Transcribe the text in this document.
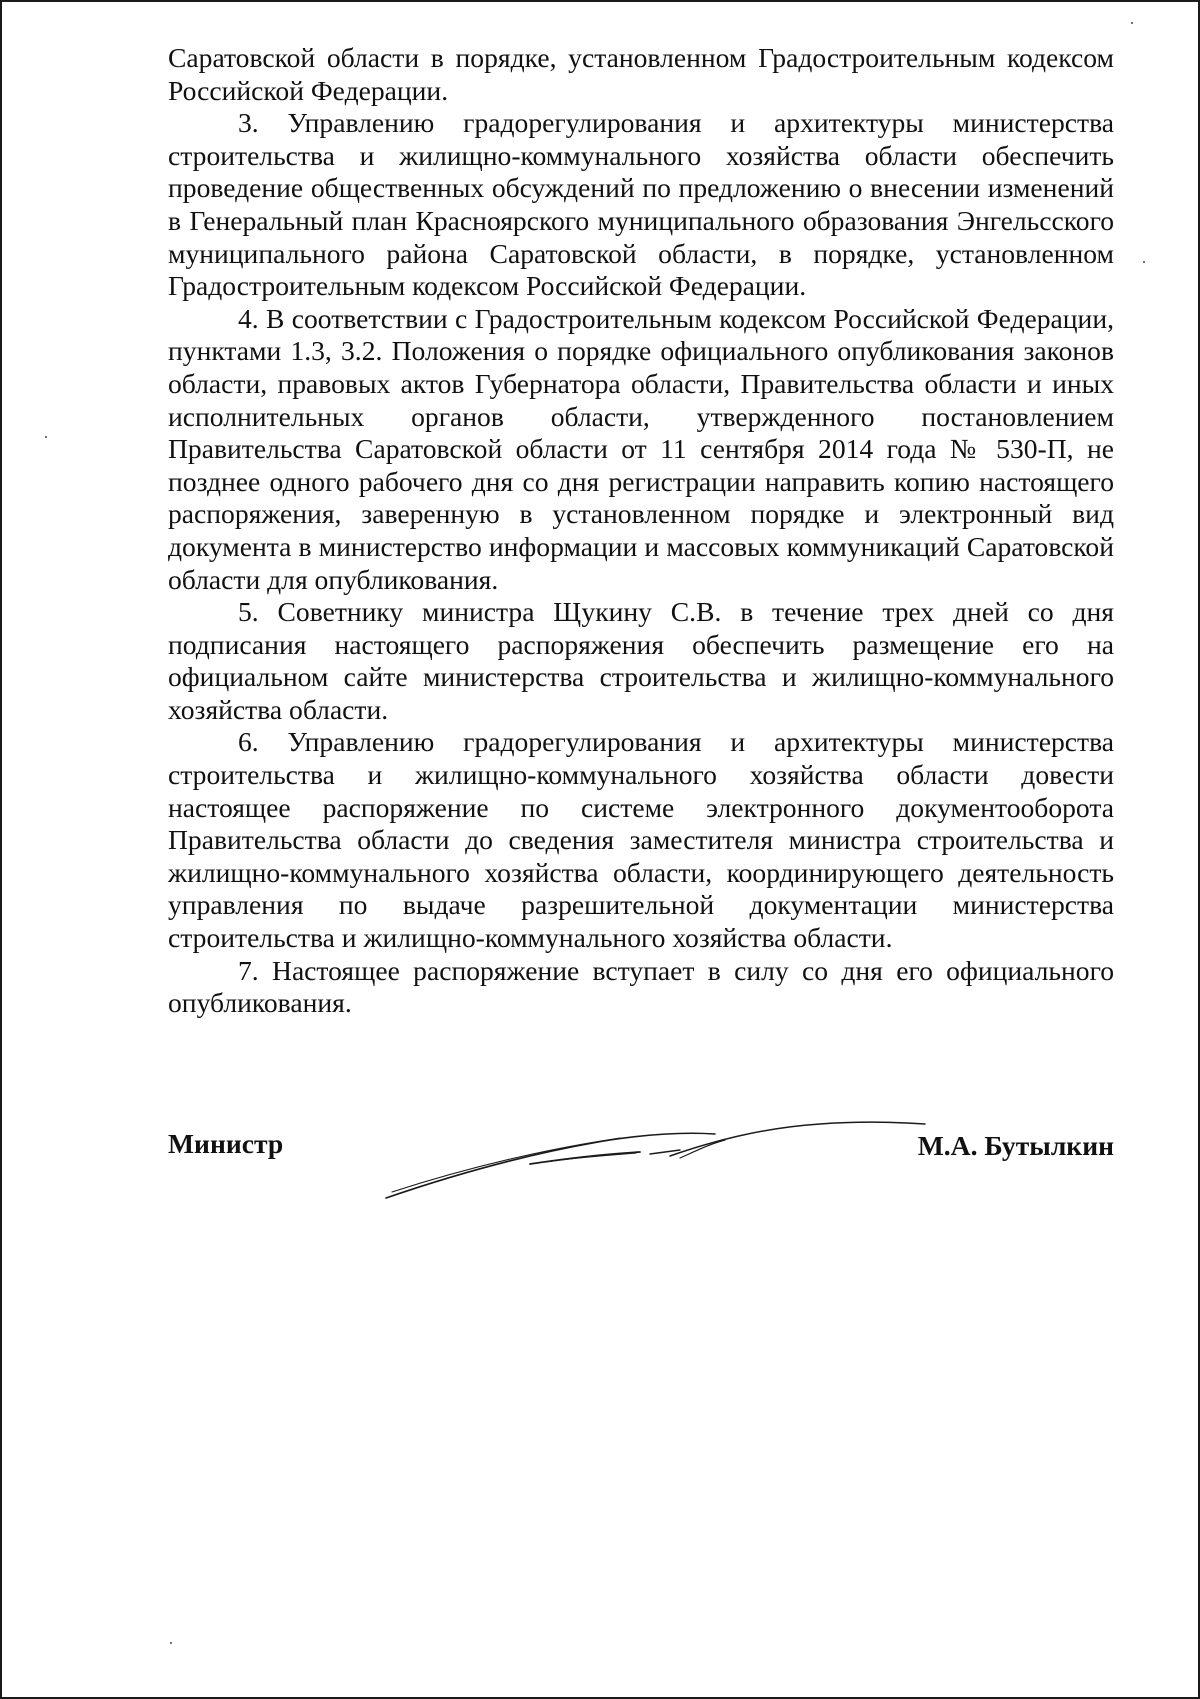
Саратовской области в порядке, установленном Градостроительным кодексом Российской Федерации.

3. Управлению градорегулирования и архитектуры министерства строительства и жилищно-коммунального хозяйства области обеспечить проведение общественных обсуждений по предложению о внесении изменений в Генеральный план Красноярского муниципального образования Энгельсского муниципального района Саратовской области, в порядке, установленном Градостроительным кодексом Российской Федерации.

4. В соответствии с Градостроительным кодексом Российской Федерации, пунктами 1.3, 3.2. Положения о порядке официального опубликования законов области, правовых актов Губернатора области, Правительства области и иных исполнительных органов области, утвержденного постановлением Правительства Саратовской области от 11 сентября 2014 года № 530-П, не позднее одного рабочего дня со дня регистрации направить копию настоящего распоряжения, заверенную в установленном порядке и электронный вид документа в министерство информации и массовых коммуникаций Саратовской области для опубликования.

5. Советнику министра Щукину С.В. в течение трех дней со дня подписания настоящего распоряжения обеспечить размещение его на официальном сайте министерства строительства и жилищно-коммунального хозяйства области.

6. Управлению градорегулирования и архитектуры министерства строительства и жилищно-коммунального хозяйства области довести настоящее распоряжение по системе электронного документооборота Правительства области до сведения заместителя министра строительства и жилищно-коммунального хозяйства области, координирующего деятельность управления по выдаче разрешительной документации министерства строительства и жилищно-коммунального хозяйства области.

7. Настоящее распоряжение вступает в силу со дня его официального опубликования.

Министр	М.А. Бутылкин
